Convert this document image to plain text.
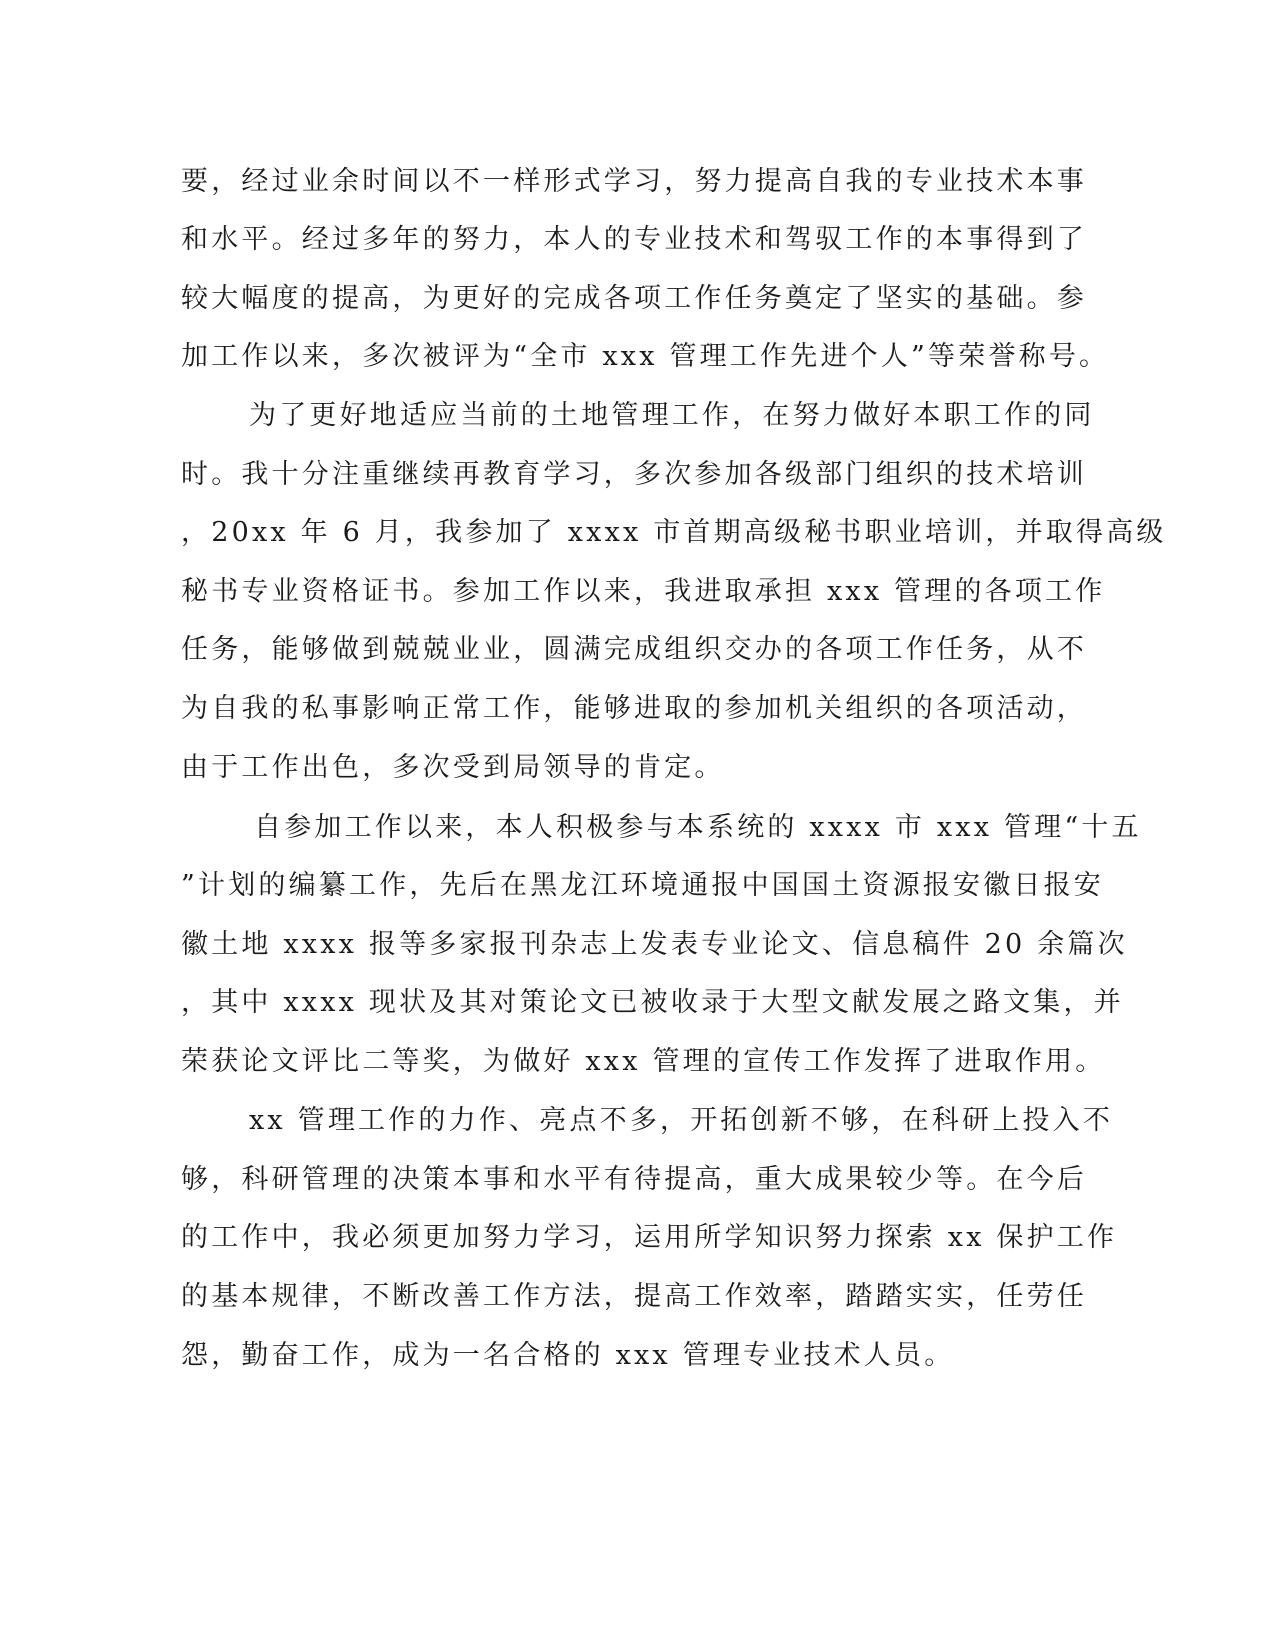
要，经过业余时间以不一样形式学习，努力提高自我的专业技术本事

和水平。经过多年的努力，本人的专业技术和驾驭工作的本事得到了

较大幅度的提高，为更好的完成各项工作任务奠定了坚实的基础。参

加工作以来，多次被评为“全市 xxx 管理工作先进个人”等荣誉称号。

为了更好地适应当前的土地管理工作，在努力做好本职工作的同

时。我十分注重继续再教育学习，多次参加各级部门组织的技术培训

，20xx 年 6 月，我参加了 xxxx 市首期高级秘书职业培训，并取得高级

秘书专业资格证书。参加工作以来，我进取承担 xxx 管理的各项工作

任务，能够做到兢兢业业，圆满完成组织交办的各项工作任务，从不

为自我的私事影响正常工作，能够进取的参加机关组织的各项活动，

由于工作出色，多次受到局领导的肯定。

自参加工作以来，本人积极参与本系统的 xxxx 市 xxx 管理“十五

”计划的编纂工作，先后在黑龙江环境通报中国国土资源报安徽日报安

徽土地 xxxx 报等多家报刊杂志上发表专业论文、信息稿件 20 余篇次

，其中 xxxx 现状及其对策论文已被收录于大型文献发展之路文集，并

荣获论文评比二等奖，为做好 xxx 管理的宣传工作发挥了进取作用。

xx 管理工作的力作、亮点不多，开拓创新不够，在科研上投入不

够，科研管理的决策本事和水平有待提高，重大成果较少等。在今后

的工作中，我必须更加努力学习，运用所学知识努力探索 xx 保护工作

的基本规律，不断改善工作方法，提高工作效率，踏踏实实，任劳任

怨，勤奋工作，成为一名合格的 xxx 管理专业技术人员。
